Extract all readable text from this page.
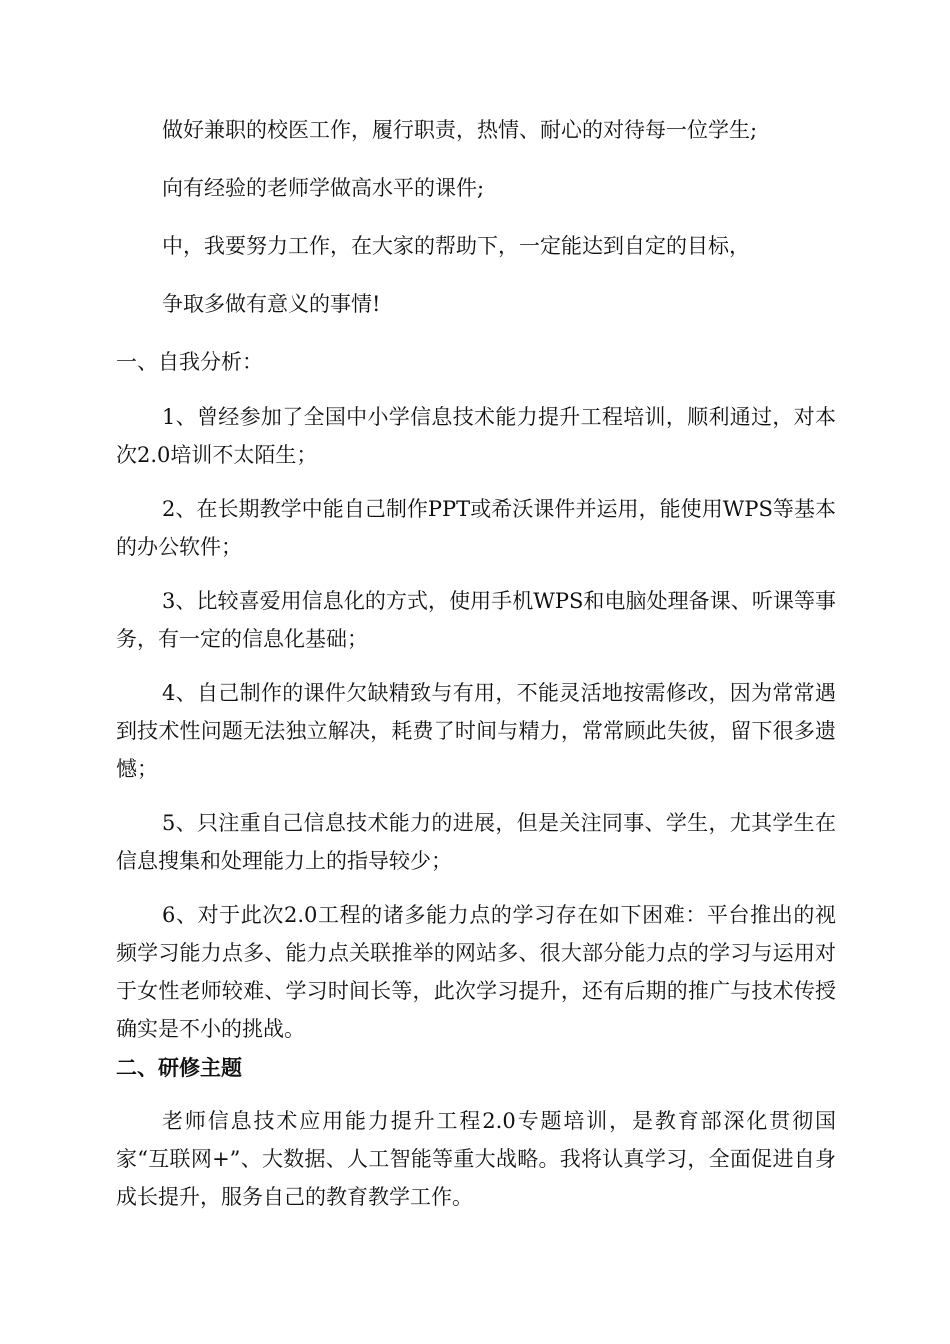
做好兼职的校医工作，履行职责，热情、耐心的对待每一位学生;

向有经验的老师学做高水平的课件;

中，我要努力工作，在大家的帮助下，一定能达到自定的目标，

争取多做有意义的事情!

一、自我分析：

1、曾经参加了全国中小学信息技术能力提升工程培训，顺利通过，对本次2.0培训不太陌生；

2、在长期教学中能自己制作PPT或希沃课件并运用，能使用WPS等基本的办公软件；

3、比较喜爱用信息化的方式，使用手机WPS和电脑处理备课、听课等事务，有一定的信息化基础；

4、自己制作的课件欠缺精致与有用，不能灵活地按需修改，因为常常遇到技术性问题无法独立解决，耗费了时间与精力，常常顾此失彼，留下很多遗憾；

5、只注重自己信息技术能力的进展，但是关注同事、学生，尤其学生在信息搜集和处理能力上的指导较少；

6、对于此次2.0工程的诸多能力点的学习存在如下困难：平台推出的视频学习能力点多、能力点关联推举的网站多、很大部分能力点的学习与运用对于女性老师较难、学习时间长等，此次学习提升，还有后期的推广与技术传授确实是不小的挑战。

二、研修主题

老师信息技术应用能力提升工程2.0专题培训，是教育部深化贯彻国家“互联网+”、大数据、人工智能等重大战略。我将认真学习，全面促进自身成长提升，服务自己的教育教学工作。
